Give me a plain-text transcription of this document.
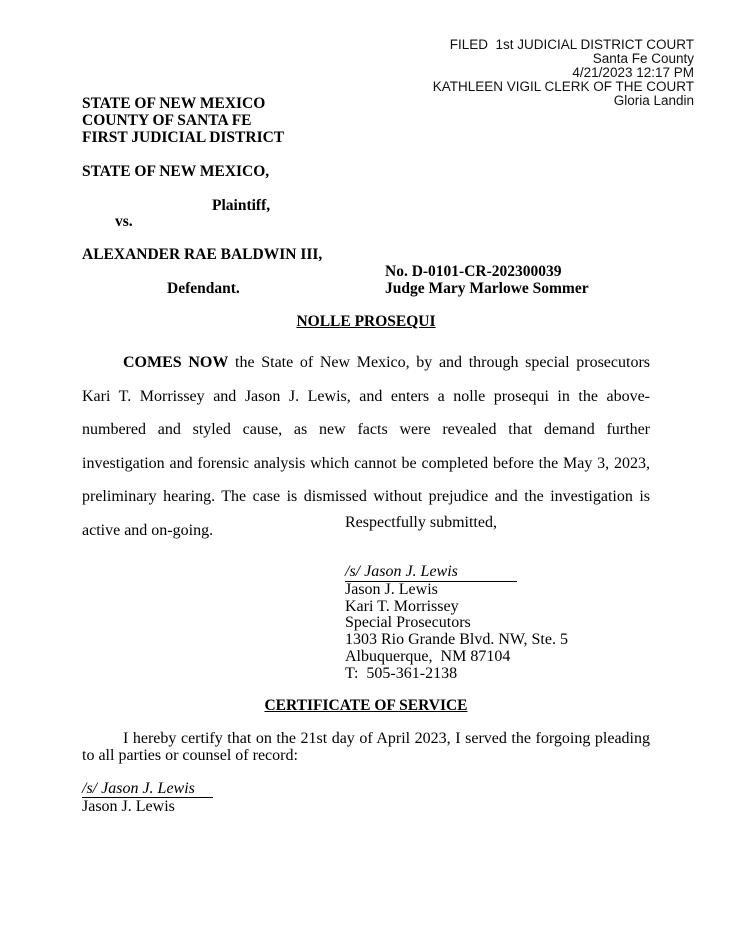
FILED  1st JUDICIAL DISTRICT COURT
Santa Fe County
4/21/2023 12:17 PM
KATHLEEN VIGIL CLERK OF THE COURT
Gloria Landin
STATE OF NEW MEXICO
COUNTY OF SANTA FE
FIRST JUDICIAL DISTRICT
STATE OF NEW MEXICO,
Plaintiff,
vs.
ALEXANDER RAE BALDWIN III,
No. D-0101-CR-202300039
Defendant.	Judge Mary Marlowe Sommer
NOLLE PROSEQUI

COMES NOW the State of New Mexico, by and through special prosecutors Kari T. Morrissey and Jason J. Lewis, and enters a nolle prosequi in the above-numbered and styled cause, as new facts were revealed that demand further investigation and forensic analysis which cannot be completed before the May 3, 2023, preliminary hearing. The case is dismissed without prejudice and the investigation is active and on-going.	Respectfully submitted,
/s/ Jason J. Lewis
Jason J. Lewis
Kari T. Morrissey
Special Prosecutors
1303 Rio Grande Blvd. NW, Ste. 5
Albuquerque,  NM 87104
T:  505-361-2138
CERTIFICATE OF SERVICE

I hereby certify that on the 21st day of April 2023, I served the forgoing pleading to all parties or counsel of record:

/s/ Jason J. Lewis
Jason J. Lewis
